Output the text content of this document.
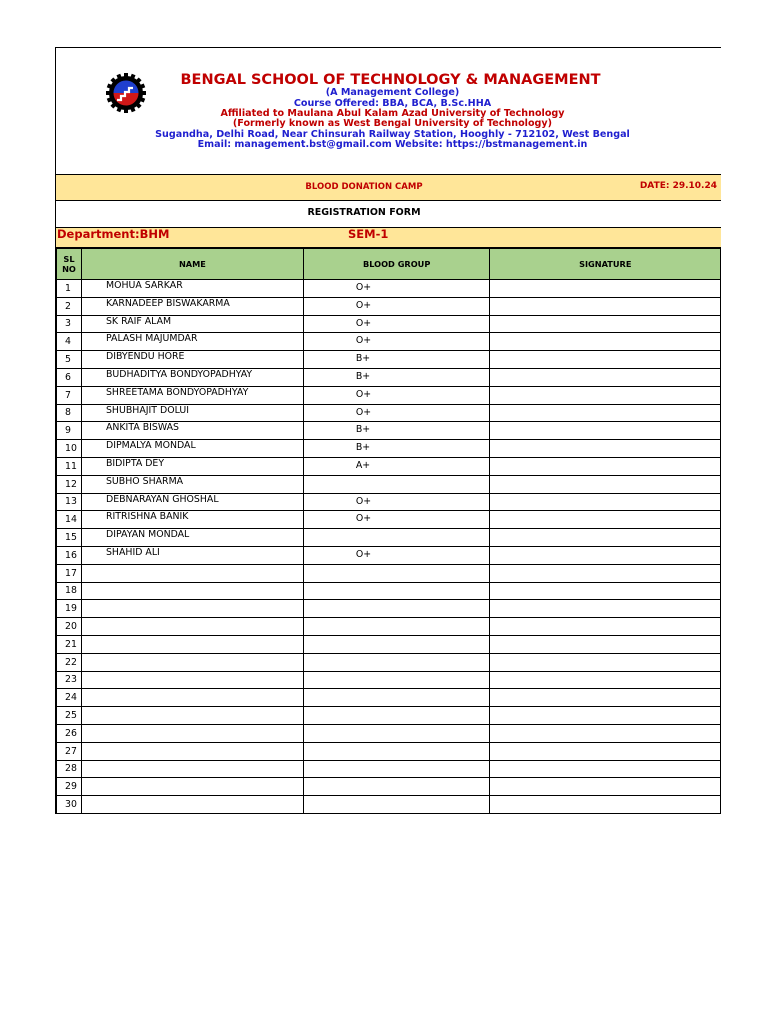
BENGAL SCHOOL OF TECHNOLOGY & MANAGEMENT
(A Management College)
Course Offered: BBA, BCA, B.Sc.HHA
Affiliated to Maulana Abul Kalam Azad University of Technology
(Formerly known as West Bengal University of Technology)
Sugandha, Delhi Road, Near Chinsurah Railway Station, Hooghly - 712102, West Bengal
Email: management.bst@gmail.com Website: https://bstmanagement.in
BLOOD DONATION CAMP	DATE: 29.10.24
REGISTRATION FORM
Department:BHM	SEM-1
SL
NO	NAME	BLOOD GROUP	SIGNATURE
1	MOHUA SARKAR	O+	
2	KARNADEEP BISWAKARMA	O+	
3	SK RAIF ALAM	O+	
4	PALASH MAJUMDAR	O+	
5	DIBYENDU HORE	B+	
6	BUDHADITYA BONDYOPADHYAY	B+	
7	SHREETAMA BONDYOPADHYAY	O+	
8	SHUBHAJIT DOLUI	O+	
9	ANKITA BISWAS	B+	
10	DIPMALYA MONDAL	B+	
11	BIDIPTA DEY	A+	
12	SUBHO SHARMA		
13	DEBNARAYAN GHOSHAL	O+	
14	RITRISHNA BANIK	O+	
15	DIPAYAN MONDAL		
16	SHAHID ALI	O+	
17			
18			
19			
20			
21			
22			
23			
24			
25			
26			
27			
28			
29			
30			
